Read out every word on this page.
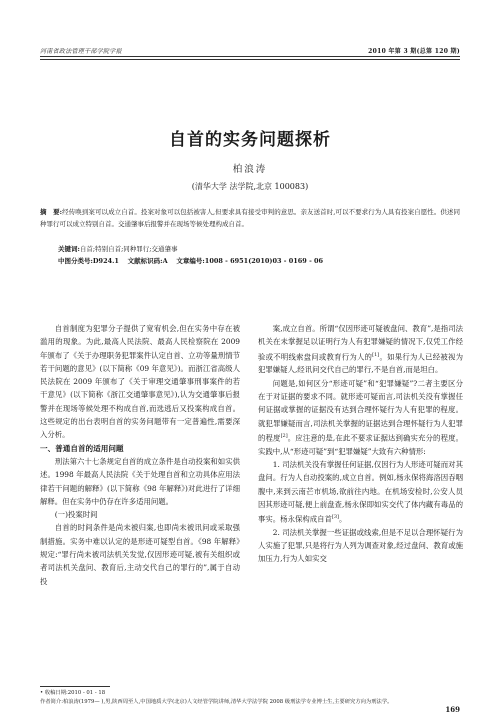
河南省政法管理干部学院学报	2010 年第 3 期(总第 120 期)
自首的实务问题探析
柏浪涛
(清华大学 法学院,北京 100083)
摘　要:经传唤到案可以成立自首。投案对象可以包括被害人,但要求具有接受审判的意思。亲友送首时,可以不要求行为人具有投案自愿性。供述同种罪行可以成立特别自首。交通肇事后报警并在现场等候处理构成自首。
关键词:自首;特别自首;同种罪行;交通肇事
中图分类号:D924.1　 文献标识码:A　 文章编号:1008 - 6951(2010)03 - 0169 - 06

自首制度为犯罪分子提供了宽宥机会,但在实务中存在被滥用的现象。为此,最高人民法院、最高人民检察院在 2009 年颁布了《关于办理职务犯罪案件认定自首、立功等量刑情节若干问题的意见》(以下简称《09 年意见》)。而浙江省高级人民法院在 2009 年颁布了《关于审理交通肇事刑事案件的若干意见》(以下简称《浙江交通肇事意见》),认为交通肇事后报警并在现场等候处理不构成自首,而选逃后又投案构成自首。这些规定的出台表明自首的实务问题带有一定普遍性,需要深入分析。

一、普通自首的适用问题

刑法第六十七条规定自首的成立条件是自动投案和如实供述。1998 年最高人民法院《关于处理自首和立功具体应用法律若干问题的解释》(以下简称《98 年解释》)对此进行了详细解释。但在实务中仍存在许多适用问题。

(一)投案时间

自首的时间条件是尚未被归案,也即尚未被讯问或采取强制措施。实务中难以认定的是形迹可疑型自首。《98 年解释》规定:“罪行尚未被司法机关发觉,仅因形迹可疑,被有关组织或者司法机关盘问、教育后,主动交代自己的罪行的”,属于自动投

案,成立自首。所谓“仅因形迹可疑被盘问、教育”,是指司法机关在未掌握足以证明行为人有犯罪嫌疑的情况下,仅凭工作经验或不明线索盘问或教育行为人的[1]。如果行为人已经被视为犯罪嫌疑人,经讯问交代自己的罪行,不是自首,而是坦白。

问题是,如何区分“形迹可疑”和“犯罪嫌疑”?二者主要区分在于对证据的要求不同。就形迹可疑而言,司法机关没有掌握任何证据或掌握的证据没有达到合理怀疑行为人有犯罪的程度。就犯罪嫌疑而言,司法机关掌握的证据达到合理怀疑行为人犯罪的程度[2]。应注意的是,在此不要求证据达到确实充分的程度。实践中,从“形迹可疑”到“犯罪嫌疑”大致有六种情形:

1. 司法机关没有掌握任何证据,仅因行为人形迹可疑而对其盘问。行为人自动投案的,成立自首。例如,杨永保将海洛因吞咽腹中,来到云南芒市机场,欲前往内地。在机场安检时,公安人员因其形迹可疑,便上前盘查,杨永保即如实交代了体内藏有毒品的事实。杨永保构成自首[3]。

2. 司法机关掌握一些证据或线索,但是不足以合理怀疑行为人实施了犯罪,只是将行为人列为调查对象,经过盘问、教育或施加压力,行为人如实交

• 收稿日期:2010 - 01 - 18
作者简介:柏浪涛(1979— ),男,陕西周至人,中国地质大学(北京)人文经管学院讲师,清华大学法学院 2008 级刑法学专业博士生,主要研究方向为刑法学。
169
